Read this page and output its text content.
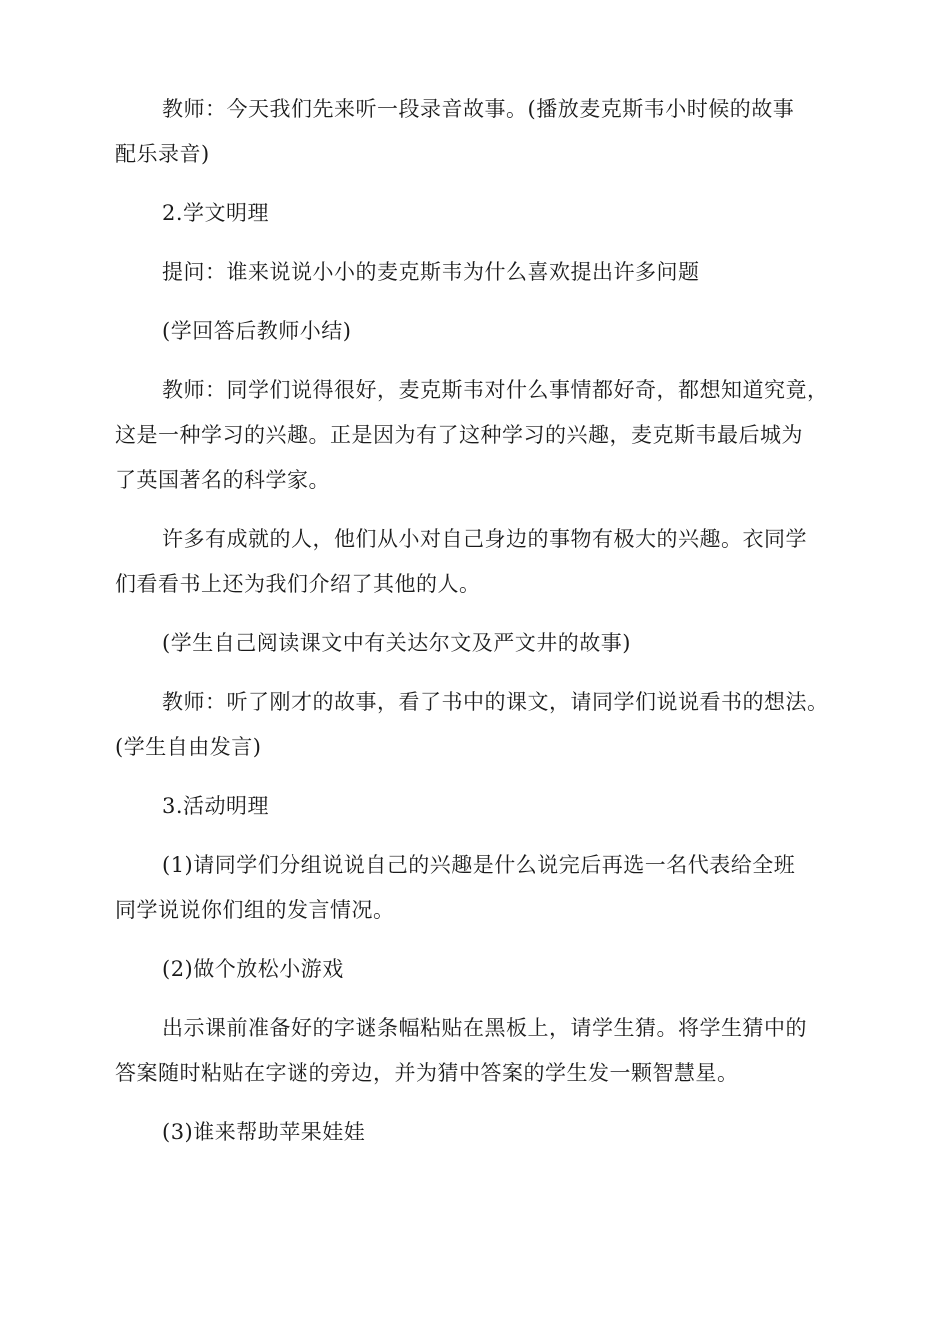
教师：今天我们先来听一段录音故事。(播放麦克斯韦小时候的故事
配乐录音)
2.学文明理
提问：谁来说说小小的麦克斯韦为什么喜欢提出许多问题
(学回答后教师小结)
教师：同学们说得很好，麦克斯韦对什么事情都好奇，都想知道究竟，
这是一种学习的兴趣。正是因为有了这种学习的兴趣，麦克斯韦最后城为
了英国著名的科学家。
许多有成就的人，他们从小对自己身边的事物有极大的兴趣。衣同学
们看看书上还为我们介绍了其他的人。
(学生自己阅读课文中有关达尔文及严文井的故事)
教师：听了刚才的故事，看了书中的课文，请同学们说说看书的想法。
(学生自由发言)
3.活动明理
(1)请同学们分组说说自己的兴趣是什么说完后再选一名代表给全班
同学说说你们组的发言情况。
(2)做个放松小游戏
出示课前准备好的字谜条幅粘贴在黑板上，请学生猜。将学生猜中的
答案随时粘贴在字谜的旁边，并为猜中答案的学生发一颗智慧星。
(3)谁来帮助苹果娃娃
